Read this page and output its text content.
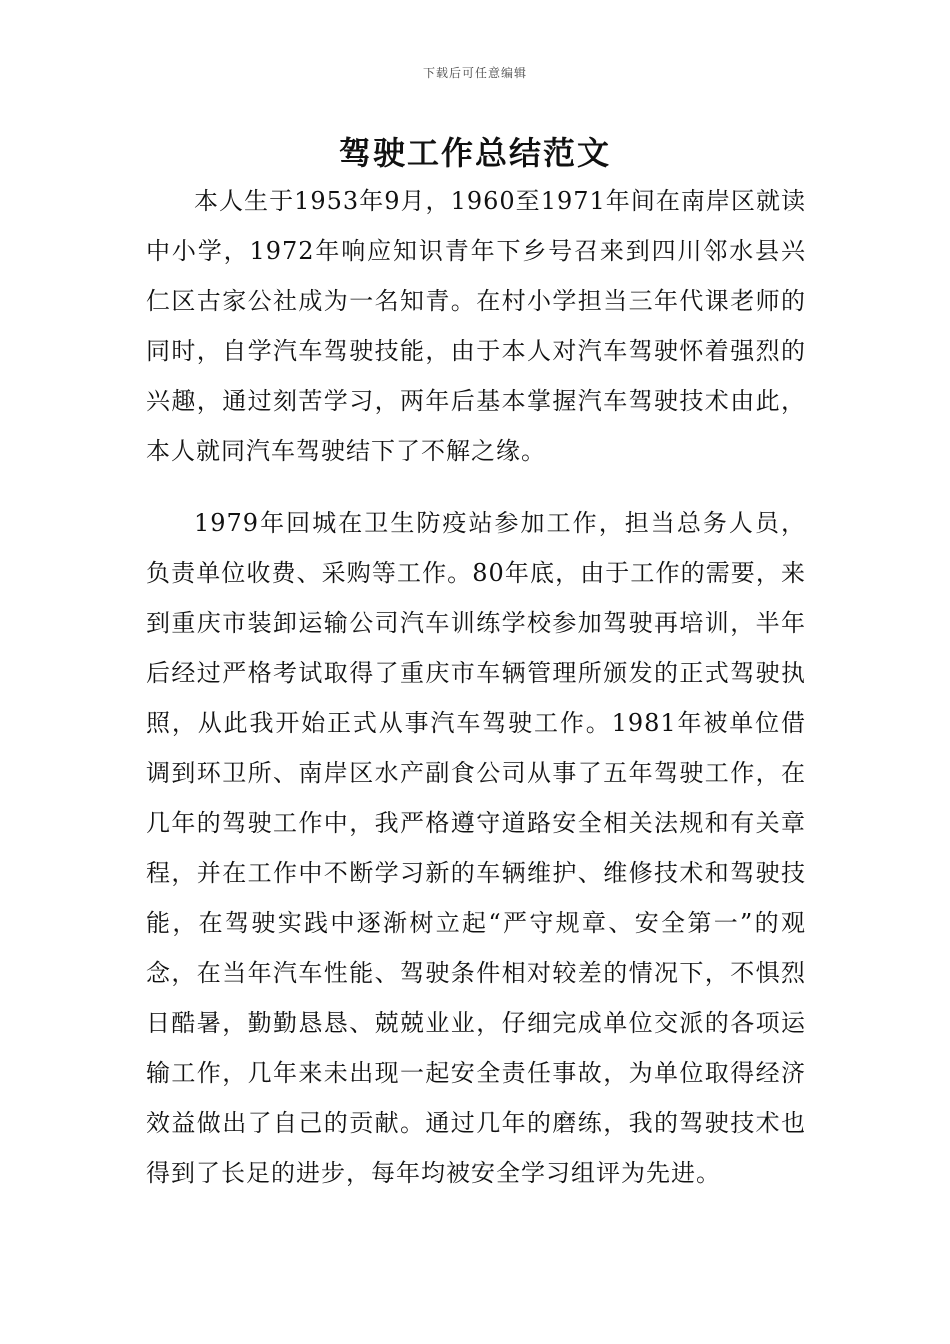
下载后可任意编辑
驾驶工作总结范文

本人生于1953年9月，1960至1971年间在南岸区就读中小学，1972年响应知识青年下乡号召来到四川邻水县兴仁区古家公社成为一名知青。在村小学担当三年代课老师的同时，自学汽车驾驶技能，由于本人对汽车驾驶怀着强烈的兴趣，通过刻苦学习，两年后基本掌握汽车驾驶技术由此，本人就同汽车驾驶结下了不解之缘。

1979年回城在卫生防疫站参加工作，担当总务人员，负责单位收费、采购等工作。80年底，由于工作的需要，来到重庆市装卸运输公司汽车训练学校参加驾驶再培训，半年后经过严格考试取得了重庆市车辆管理所颁发的正式驾驶执照，从此我开始正式从事汽车驾驶工作。1981年被单位借调到环卫所、南岸区水产副食公司从事了五年驾驶工作，在几年的驾驶工作中，我严格遵守道路安全相关法规和有关章程，并在工作中不断学习新的车辆维护、维修技术和驾驶技能，在驾驶实践中逐渐树立起“严守规章、安全第一”的观念，在当年汽车性能、驾驶条件相对较差的情况下，不惧烈日酷暑，勤勤恳恳、兢兢业业，仔细完成单位交派的各项运输工作，几年来未出现一起安全责任事故，为单位取得经济效益做出了自己的贡献。通过几年的磨练，我的驾驶技术也得到了长足的进步，每年均被安全学习组评为先进。
